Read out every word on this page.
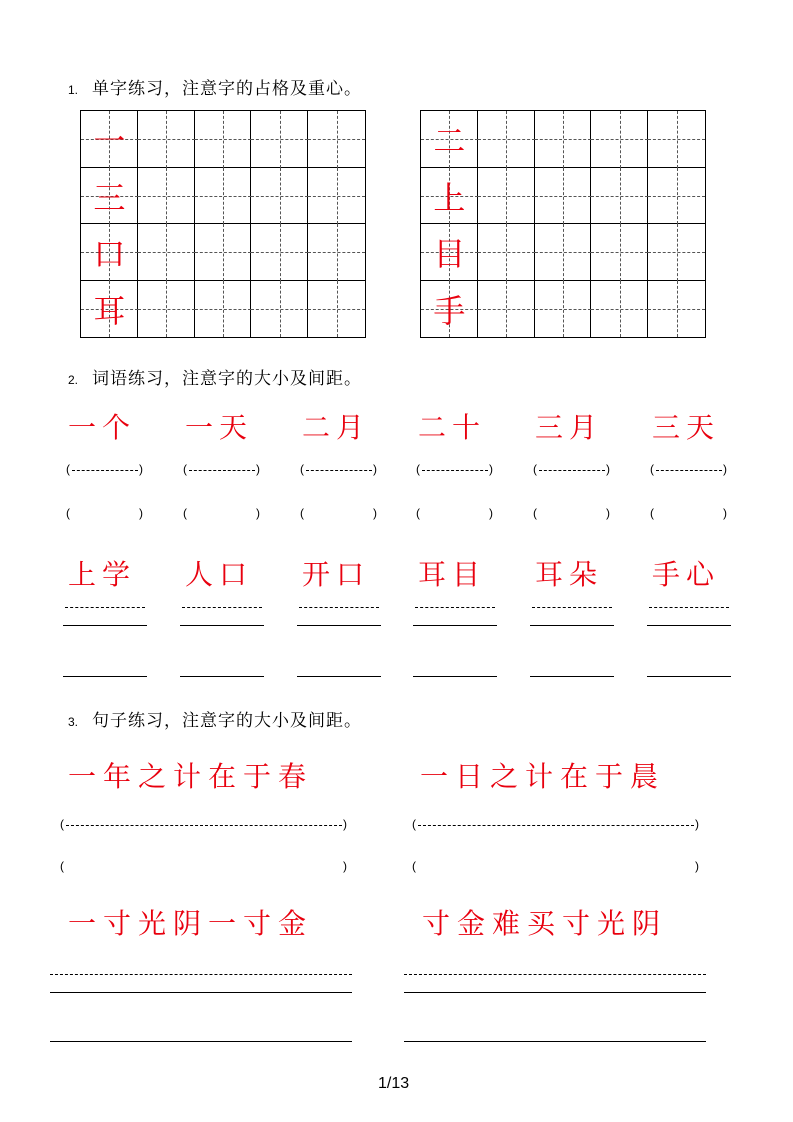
1. 单字练习，注意字的占格及重心。
2. 词语练习，注意字的大小及间距。
3. 句子练习，注意字的大小及间距。
一
三
口
耳
二
上
目
手
一个
(	)
(	)
一天
(	)
(	)
二月
(	)
(	)
二十
(	)
(	)
三月
(	)
(	)
三天
(	)
(	)
上学 人口 开口 耳目 耳朵 手心
一年之计在于春
(	)
(	)
一日之计在于晨
(	)
(	)
一寸光阴一寸金	寸金难买寸光阴
1/13
